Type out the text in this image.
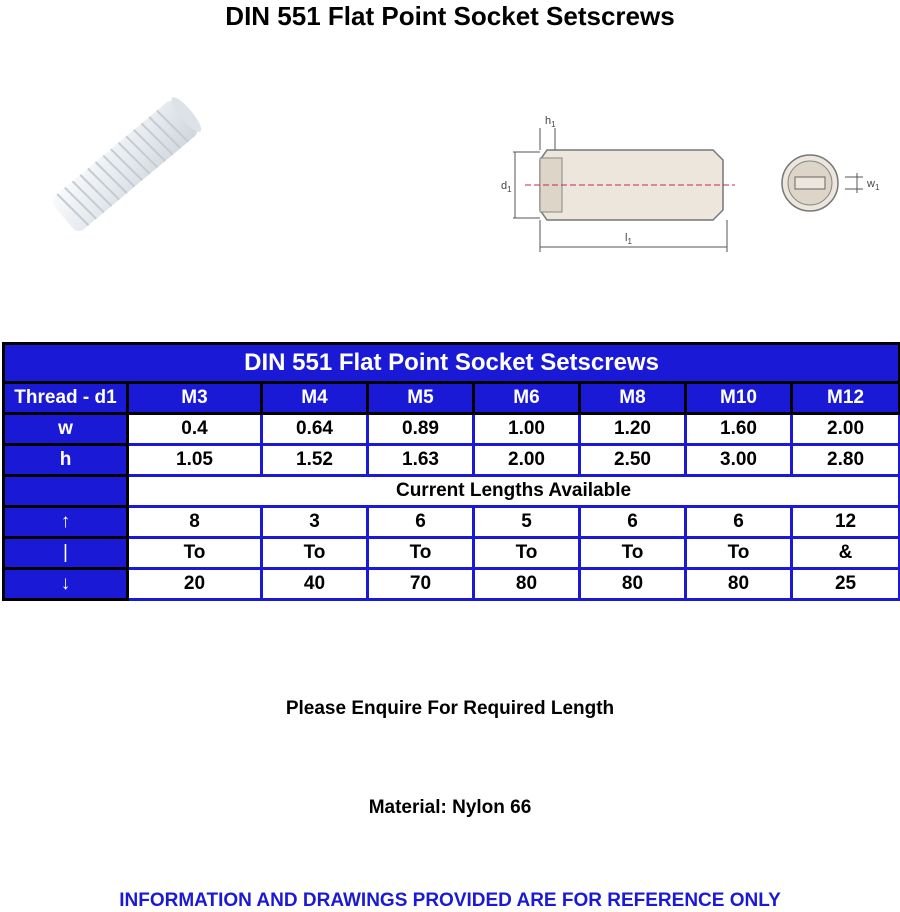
DIN 551 Flat Point Socket Setscrews
$h_1$
$d_1$
$l_1$
$w_1$
DIN 551 Flat Point Socket Setscrews							
Thread - d1	M3	M4	M5	M6	M8	M10	M12
w	0.4	0.64	0.89	1.00	1.20	1.60	2.00
h	1.05	1.52	1.63	2.00	2.50	3.00	2.80
	Current Lengths Available						
↑	8	3	6	5	6	6	12
|	To	To	To	To	To	To	&
↓	20	40	70	80	80	80	25
Please Enquire For Required Length
Material: Nylon 66
INFORMATION AND DRAWINGS PROVIDED ARE FOR REFERENCE ONLY
